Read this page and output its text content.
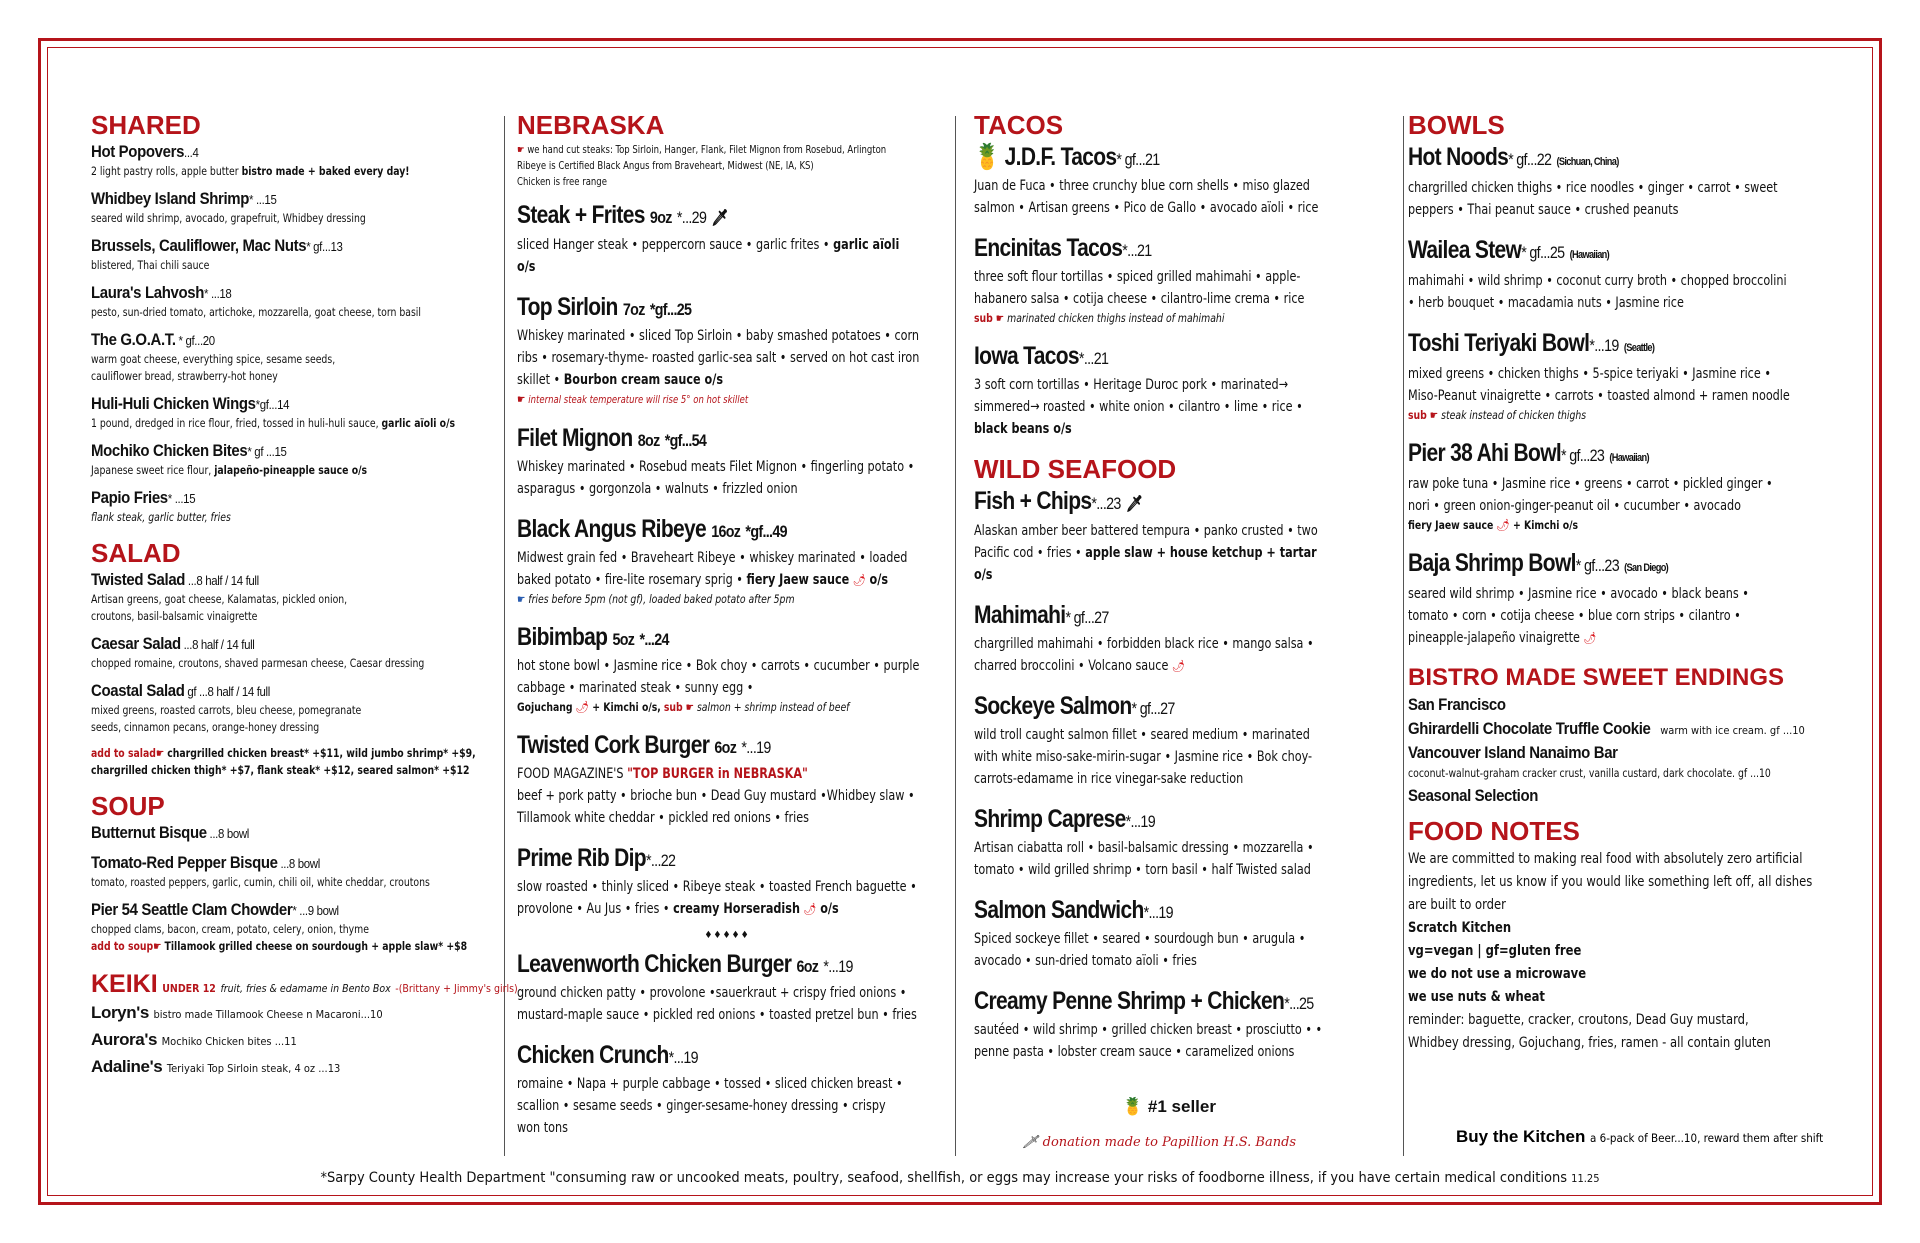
SHARED
Hot Popovers...4
2 light pastry rolls, apple butter bistro made + baked every day!
Whidbey Island Shrimp* ...15
seared wild shrimp, avocado, grapefruit, Whidbey dressing
Brussels, Cauliflower, Mac Nuts* gf...13
blistered, Thai chili sauce
Laura's Lahvosh* ...18
pesto, sun-dried tomato, artichoke, mozzarella, goat cheese, torn basil
The G.O.A.T. * gf...20
warm goat cheese, everything spice, sesame seeds, cauliflower bread, strawberry-hot honey
Huli-Huli Chicken Wings*gf...14
1 pound, dredged in rice flour, fried, tossed in huli-huli sauce, garlic aïoli o/s
Mochiko Chicken Bites* gf ...15
Japanese sweet rice flour, jalapeño-pineapple sauce o/s
Papio Fries* ...15
flank steak, garlic butter, fries
SALAD
Twisted Salad ...8 half / 14 full
Artisan greens, goat cheese, Kalamatas, pickled onion, croutons, basil-balsamic vinaigrette
Caesar Salad ...8 half / 14 full
chopped romaine, croutons, shaved parmesan cheese, Caesar dressing
Coastal Salad gf ...8 half / 14 full
mixed greens, roasted carrots, bleu cheese, pomegranate seeds, cinnamon pecans, orange-honey dressing
add to salad☛ chargrilled chicken breast* +$11, wild jumbo shrimp* +$9, chargrilled chicken thigh* +$7, flank steak* +$12, seared salmon* +$12
SOUP
Butternut Bisque ...8 bowl
Tomato-Red Pepper Bisque ...8 bowl
tomato, roasted peppers, garlic, cumin, chili oil, white cheddar, croutons
Pier 54 Seattle Clam Chowder* ...9 bowl
chopped clams, bacon, cream, potato, celery, onion, thyme
add to soup☛ Tillamook grilled cheese on sourdough + apple slaw* +$8
KEIKI UNDER 12 fruit, fries & edamame in Bento Box -(Brittany + Jimmy's girls)
Loryn's bistro made Tillamook Cheese n Macaroni...10
Aurora's Mochiko Chicken bites ...11
Adaline's Teriyaki Top Sirloin steak, 4 oz ...13
NEBRASKA
☛ we hand cut steaks: Top Sirloin, Hanger, Flank, Filet Mignon from Rosebud, Arlington
Ribeye is Certified Black Angus from Braveheart, Midwest (NE, IA, KS)
Chicken is free range
Steak + Frites 9oz *...29 🗡
sliced Hanger steak • peppercorn sauce • garlic frites • garlic aïoli o/s
Top Sirloin 7oz *gf...25
Whiskey marinated • sliced Top Sirloin • baby smashed potatoes • corn ribs • rosemary-thyme- roasted garlic-sea salt • served on hot cast iron skillet • Bourbon cream sauce o/s
☛ internal steak temperature will rise 5° on hot skillet
Filet Mignon 8oz *gf...54
Whiskey marinated • Rosebud meats Filet Mignon • fingerling potato • asparagus • gorgonzola • walnuts • frizzled onion
Black Angus Ribeye 16oz *gf...49
Midwest grain fed • Braveheart Ribeye • whiskey marinated • loaded baked potato • fire-lite rosemary sprig • fiery Jaew sauce 🌶 o/s
☛ fries before 5pm (not gf), loaded baked potato after 5pm
Bibimbap 5oz *...24
hot stone bowl • Jasmine rice • Bok choy • carrots • cucumber • purple cabbage • marinated steak • sunny egg •
Gojuchang 🌶 + Kimchi o/s, sub ☛ salmon + shrimp instead of beef
Twisted Cork Burger 6oz *...19
FOOD MAGAZINE'S "TOP BURGER in NEBRASKA"
beef + pork patty • brioche bun • Dead Guy mustard •Whidbey slaw • Tillamook white cheddar • pickled red onions • fries
Prime Rib Dip*...22
slow roasted • thinly sliced • Ribeye steak • toasted French baguette • provolone • Au Jus • fries • creamy Horseradish 🌶 o/s
♦♦♦♦♦
Leavenworth Chicken Burger 6oz *...19
ground chicken patty • provolone •sauerkraut + crispy fried onions • mustard-maple sauce • pickled red onions • toasted pretzel bun • fries
Chicken Crunch*...19
romaine • Napa + purple cabbage • tossed • sliced chicken breast • scallion • sesame seeds • ginger-sesame-honey dressing • crispy won tons
TACOS
🍍 J.D.F. Tacos* gf...21
Juan de Fuca • three crunchy blue corn shells • miso glazed salmon • Artisan greens • Pico de Gallo • avocado aïoli • rice
Encinitas Tacos*...21
three soft flour tortillas • spiced grilled mahimahi • apple-habanero salsa • cotija cheese • cilantro-lime crema • rice
sub ☛ marinated chicken thighs instead of mahimahi
Iowa Tacos*...21
3 soft corn tortillas • Heritage Duroc pork • marinated→ simmered→ roasted • white onion • cilantro • lime • rice • black beans o/s
WILD SEAFOOD
Fish + Chips*...23 🗡
Alaskan amber beer battered tempura • panko crusted • two Pacific cod • fries • apple slaw + house ketchup + tartar o/s
Mahimahi* gf...27
chargrilled mahimahi • forbidden black rice • mango salsa • charred broccolini • Volcano sauce 🌶
Sockeye Salmon* gf...27
wild troll caught salmon fillet • seared medium • marinated with white miso-sake-mirin-sugar • Jasmine rice • Bok choy-carrots-edamame in rice vinegar-sake reduction
Shrimp Caprese*...19
Artisan ciabatta roll • basil-balsamic dressing • mozzarella • tomato • wild grilled shrimp • torn basil • half Twisted salad
Salmon Sandwich*...19
Spiced sockeye fillet • seared • sourdough bun • arugula • avocado • sun-dried tomato aïoli • fries
Creamy Penne Shrimp + Chicken*...25
sautéed • wild shrimp • grilled chicken breast • prosciutto • • penne pasta • lobster cream sauce • caramelized onions
🍍 #1 seller
🗡 donation made to Papillion H.S. Bands
BOWLS
Hot Noods* gf...22 (Sichuan, China)
chargrilled chicken thighs • rice noodles • ginger • carrot • sweet peppers • Thai peanut sauce • crushed peanuts
Wailea Stew* gf...25 (Hawaiian)
mahimahi • wild shrimp • coconut curry broth • chopped broccolini • herb bouquet • macadamia nuts • Jasmine rice
Toshi Teriyaki Bowl*...19 (Seattle)
mixed greens • chicken thighs • 5-spice teriyaki • Jasmine rice • Miso-Peanut vinaigrette • carrots • toasted almond + ramen noodle
sub ☛ steak instead of chicken thighs
Pier 38 Ahi Bowl* gf...23 (Hawaiian)
raw poke tuna • Jasmine rice • greens • carrot • pickled ginger • nori • green onion-ginger-peanut oil • cucumber • avocado
fiery Jaew sauce 🌶 + Kimchi o/s
Baja Shrimp Bowl* gf...23 (San Diego)
seared wild shrimp • Jasmine rice • avocado • black beans • tomato • corn • cotija cheese • blue corn strips • cilantro • pineapple-jalapeño vinaigrette 🌶
BISTRO MADE SWEET ENDINGS
San Francisco
Ghirardelli Chocolate Truffle Cookie warm with ice cream. gf ...10
Vancouver Island Nanaimo Bar
coconut-walnut-graham cracker crust, vanilla custard, dark chocolate. gf ...10
Seasonal Selection
FOOD NOTES

We are committed to making real food with absolutely zero artificial ingredients, let us know if you would like something left off, all dishes are built to order

Scratch Kitchen

vg=vegan | gf=gluten free

we do not use a microwave

we use nuts & wheat

reminder: baguette, cracker, croutons, Dead Guy mustard, Whidbey dressing, Gojuchang, fries, ramen - all contain gluten

Buy the Kitchen a 6-pack of Beer...10, reward them after shift
*Sarpy County Health Department "consuming raw or uncooked meats, poultry, seafood, shellfish, or eggs may increase your risks of foodborne illness, if you have certain medical conditions 11.25
